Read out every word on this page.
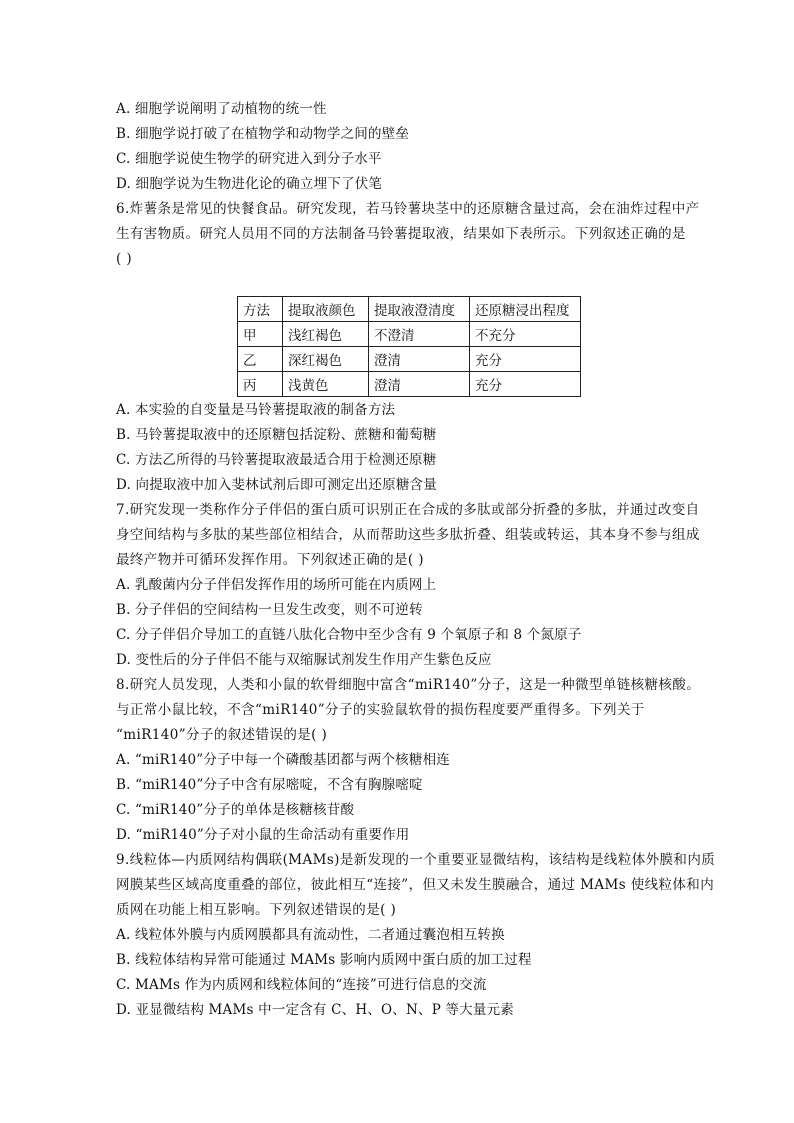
A. 细胞学说阐明了动植物的统一性
B. 细胞学说打破了在植物学和动物学之间的壁垒
C. 细胞学说使生物学的研究进入到分子水平
D. 细胞学说为生物进化论的确立埋下了伏笔
6.炸薯条是常见的快餐食品。研究发现，若马铃薯块茎中的还原糖含量过高，会在油炸过程中产
生有害物质。研究人员用不同的方法制备马铃薯提取液，结果如下表所示。下列叙述正确的是
( )
方法	提取液颜色	提取液澄清度	还原糖浸出程度
甲	浅红褐色	不澄清	不充分
乙	深红褐色	澄清	充分
丙	浅黄色	澄清	充分
A. 本实验的自变量是马铃薯提取液的制备方法
B. 马铃薯提取液中的还原糖包括淀粉、蔗糖和葡萄糖
C. 方法乙所得的马铃薯提取液最适合用于检测还原糖
D. 向提取液中加入斐林试剂后即可测定出还原糖含量
7.研究发现一类称作分子伴侣的蛋白质可识别正在合成的多肽或部分折叠的多肽，并通过改变自
身空间结构与多肽的某些部位相结合，从而帮助这些多肽折叠、组装或转运，其本身不参与组成
最终产物并可循环发挥作用。下列叙述正确的是( )
A. 乳酸菌内分子伴侣发挥作用的场所可能在内质网上
B. 分子伴侣的空间结构一旦发生改变，则不可逆转
C. 分子伴侣介导加工的直链八肽化合物中至少含有 9 个氧原子和 8 个氮原子
D. 变性后的分子伴侣不能与双缩脲试剂发生作用产生紫色反应
8.研究人员发现，人类和小鼠的软骨细胞中富含“miR140”分子，这是一种微型单链核糖核酸。
与正常小鼠比较，不含“miR140”分子的实验鼠软骨的损伤程度要严重得多。下列关于
“miR140”分子的叙述错误的是( )
A. “miR140”分子中每一个磷酸基团都与两个核糖相连
B. “miR140”分子中含有尿嘧啶，不含有胸腺嘧啶
C. “miR140”分子的单体是核糖核苷酸
D. “miR140”分子对小鼠的生命活动有重要作用
9.线粒体—内质网结构偶联(MAMs)是新发现的一个重要亚显微结构，该结构是线粒体外膜和内质
网膜某些区域高度重叠的部位，彼此相互“连接”，但又未发生膜融合，通过 MAMs 使线粒体和内
质网在功能上相互影响。下列叙述错误的是( )
A. 线粒体外膜与内质网膜都具有流动性，二者通过囊泡相互转换
B. 线粒体结构异常可能通过 MAMs 影响内质网中蛋白质的加工过程
C. MAMs 作为内质网和线粒体间的“连接”可进行信息的交流
D. 亚显微结构 MAMs 中一定含有 C、H、O、N、P 等大量元素
